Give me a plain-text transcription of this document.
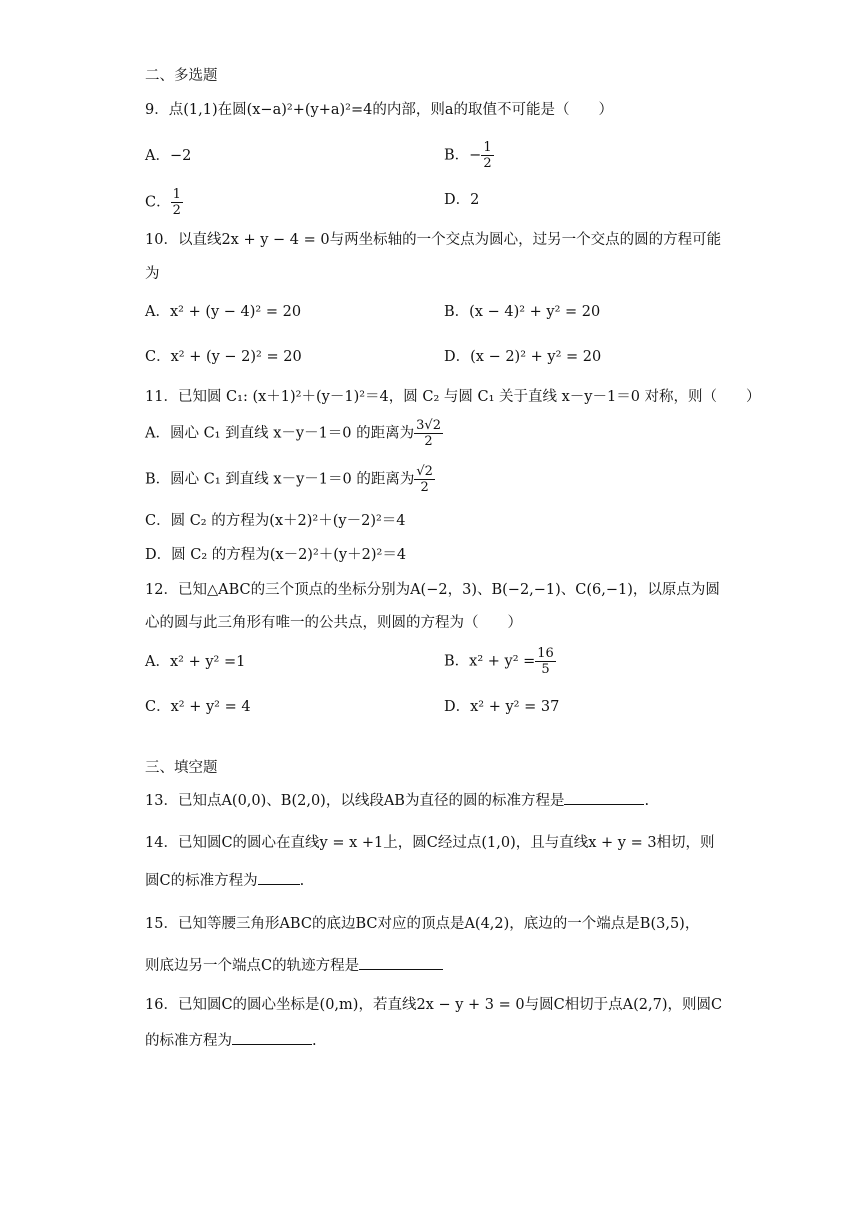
二、多选题
9．点(1,1)在圆(x−a)²+(y+a)²=4的内部，则a的取值不可能是（　　）
A．−2	B．− $\frac{1}{2}$
C． $\frac{1}{2}$	D．2
10．以直线2x + y − 4 = 0与两坐标轴的一个交点为圆心，过另一个交点的圆的方程可能
为
A．x² + (y − 4)² = 20	B．(x − 4)² + y² = 20
C．x² + (y − 2)² = 20	D．(x − 2)² + y² = 20
11．已知圆 C₁: (x＋1)²＋(y－1)²＝4，圆 C₂ 与圆 C₁ 关于直线 x－y－1＝0 对称，则（　　）
A．圆心 C₁ 到直线 x－y－1＝0 的距离为 $\frac{3√2}{2}$
B．圆心 C₁ 到直线 x－y－1＝0 的距离为 $\frac{√2}{2}$
C．圆 C₂ 的方程为(x＋2)²＋(y－2)²＝4
D．圆 C₂ 的方程为(x－2)²＋(y＋2)²＝4
12．已知△ABC的三个顶点的坐标分别为A(−2，3)、B(−2,−1)、C(6,−1)，以原点为圆
心的圆与此三角形有唯一的公共点，则圆的方程为（　　）
A．x² + y² =1	B．$x^2 + y^2 = \frac{16}{5}$
C．x² + y² = 4	D．x² + y² = 37
三、填空题
13．已知点A(0,0)、B(2,0)，以线段AB为直径的圆的标准方程是	.
14．已知圆C的圆心在直线y = x +1上，圆C经过点(1,0)，且与直线x + y = 3相切，则
圆C的标准方程为	.
15．已知等腰三角形ABC的底边BC对应的顶点是A(4,2)，底边的一个端点是B(3,5)，
则底边另一个端点C的轨迹方程是
16．已知圆C的圆心坐标是(0,m)，若直线2x − y + 3 = 0与圆C相切于点A(2,7)，则圆C
的标准方程为	.
